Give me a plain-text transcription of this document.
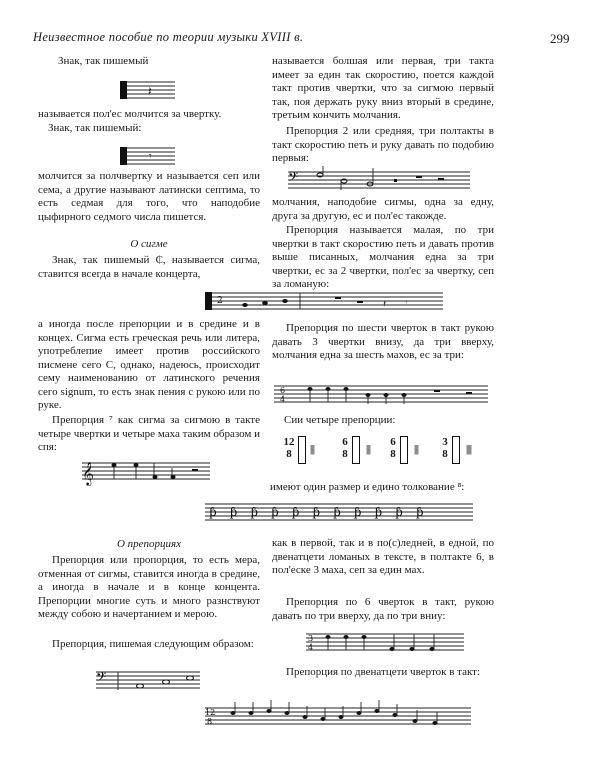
Неизвестное пособие по теории музыки XVIII в.	299
Знак, так пишемый
𝄽
называется пол'ес молчится за чвертку.
Знак, так пишемый:
𝄾
молчится за полчвертку и называется сеп или сема, а другие называют латински септима, то есть седмая для того, что наподобие цыфирного седмого числа пишется.
О сигме
Знак, так пишемый ₵, называется сигма, ставится всегда в начале концерта,
2	𝄽 𝄾
а иногда после препорции и в средине и в концех. Сигма есть греческая речь или литера, употреблепие имеет против российского писмене сего С, однако, надеюсь, происходит сему наименованию от латинского речения сего signum, то есть знак пения с рукою или по руке.
Препорция ⁷ как сигма за сигмою в такте четыре чвертки и четыре маха таким образом и спя:
𝄞
О препорциях
Препорция или пропорция, то есть мера, отменная от сигмы, ставится иногда в средине, а иногда в начале и в конце концента. Препорции многие суть и много разнствуют между собою и начертанием и мерою.
Препорция, пишемая следующим образом:
𝄢
называется болшая или первая, три такта имеет за един так скоростию, поется каждой такт против чвертки, что за сигмою первый так, поя держать руку вниз вторый в средине, третьим кончить молчания.
Препорция 2 или средняя, три полтакты в такт скоростию петь и руку давать по подобию первыя:
𝄢
молчания, наподобие сигмы, одна за едну, друга за другую, ес и пол'ес такожде.
Препорция называется малая, по три чвертки в такт скоростию петь и давать против выше писанных, молчания една за три чвертки, ес за 2 чвертки, пол'ес за чвертку, сеп за ломаную:
Препорция по шести чверток в такт рукою давать 3 чвертки внизу, да три вверху, молчания една за шесть махов, ес за три:
6
4
Сии четыре препорции:
12
8	||||
6
8	||||
6
8	||||
3
8	|||||
имеют один размер и едино толкование ⁸:
ƥƥƥƥƥƥƥƥƥƥƥ
как в первой, так и в по(с)ледней, в едной, по двенатцети ломаных в тексте, в полтакте 6, в пол'еске 3 маха, сеп за един мах.
Препорция по 6 чверток в такт, рукою давать по три вверху, да по три вниу:
3
4
Препорция по двенатцети чверток в такт:
12
8
